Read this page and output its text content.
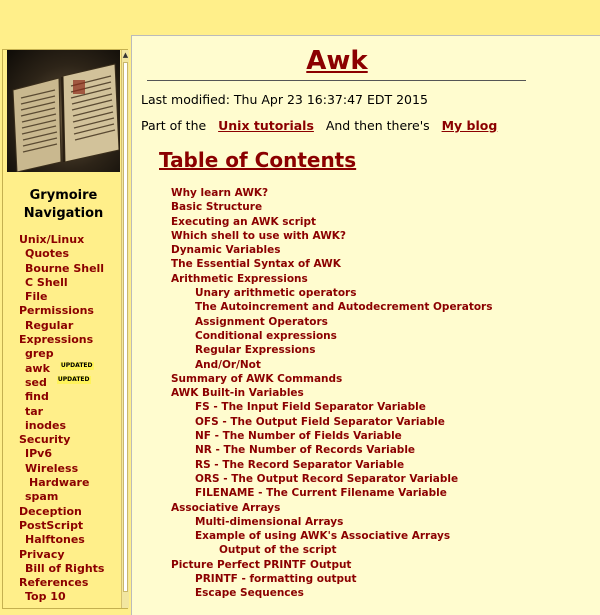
Grymoire
Navigation
Unix/Linux
Quotes
Bourne Shell
C Shell
File
Permissions
Regular
Expressions
grep
awk UPDATED
sed UPDATED
find
tar
inodes
Security
IPv6
Wireless
Hardware
spam
Deception
PostScript
Halftones
Privacy
Bill of Rights
References
Top 10
▲	Awk
Last modified: Thu Apr 23 16:37:47 EDT 2015
Part of the Unix tutorials And then there's My blog
Table of Contents
Why learn AWK?
Basic Structure
Executing an AWK script
Which shell to use with AWK?
Dynamic Variables
The Essential Syntax of AWK
Arithmetic Expressions
Unary arithmetic operators
The Autoincrement and Autodecrement Operators
Assignment Operators
Conditional expressions
Regular Expressions
And/Or/Not
Summary of AWK Commands
AWK Built-in Variables
FS - The Input Field Separator Variable
OFS - The Output Field Separator Variable
NF - The Number of Fields Variable
NR - The Number of Records Variable
RS - The Record Separator Variable
ORS - The Output Record Separator Variable
FILENAME - The Current Filename Variable
Associative Arrays
Multi-dimensional Arrays
Example of using AWK's Associative Arrays
Output of the script
Picture Perfect PRINTF Output
PRINTF - formatting output
Escape Sequences
